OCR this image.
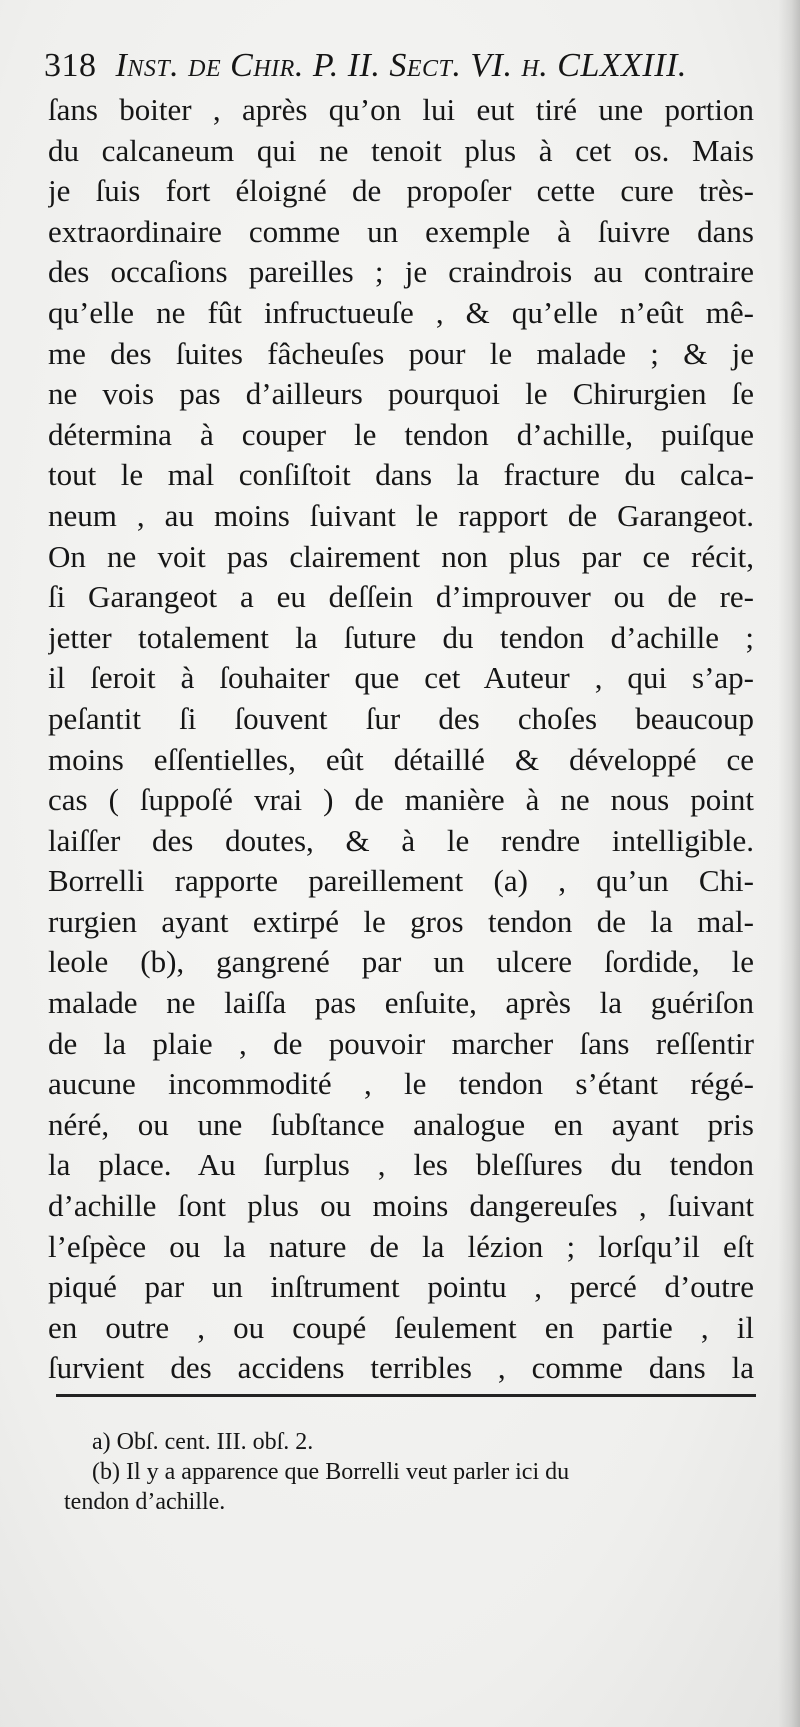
318 Inst. de Chir. P. II. Sect. VI. h. CLXXIII.
ſans boiter , après qu’on lui eut tiré une portion
du calcaneum qui ne tenoit plus à cet os. Mais
je ſuis fort éloigné de propoſer cette cure très-
extraordinaire comme un exemple à ſuivre dans
des occaſions pareilles ; je craindrois au contraire
qu’elle ne fût infructueuſe , & qu’elle n’eût mê-
me des ſuites fâcheuſes pour le malade ; & je
ne vois pas d’ailleurs pourquoi le Chirurgien ſe
détermina à couper le tendon d’achille, puiſque
tout le mal conſiſtoit dans la fracture du calca-
neum , au moins ſuivant le rapport de Garangeot.
On ne voit pas clairement non plus par ce récit,
ſi Garangeot a eu deſſein d’improuver ou de re-
jetter totalement la ſuture du tendon d’achille ;
il ſeroit à ſouhaiter que cet Auteur , qui s’ap-
peſantit ſi ſouvent ſur des choſes beaucoup
moins eſſentielles, eût détaillé & développé ce
cas ( ſuppoſé vrai ) de manière à ne nous point
laiſſer des doutes, & à le rendre intelligible.
Borrelli rapporte pareillement (a) , qu’un Chi-
rurgien ayant extirpé le gros tendon de la mal-
leole (b), gangrené par un ulcere ſordide, le
malade ne laiſſa pas enſuite, après la guériſon
de la plaie , de pouvoir marcher ſans reſſentir
aucune incommodité , le tendon s’étant régé-
néré, ou une ſubſtance analogue en ayant pris
la place. Au ſurplus , les bleſſures du tendon
d’achille ſont plus ou moins dangereuſes , ſuivant
l’eſpèce ou la nature de la lézion ; lorſqu’il eſt
piqué par un inſtrument pointu , percé d’outre
en outre , ou coupé ſeulement en partie , il
ſurvient des accidens terribles , comme dans la
a) Obſ. cent. III. obſ. 2.
(b) Il y a apparence que Borrelli veut parler ici du
tendon d’achille.
